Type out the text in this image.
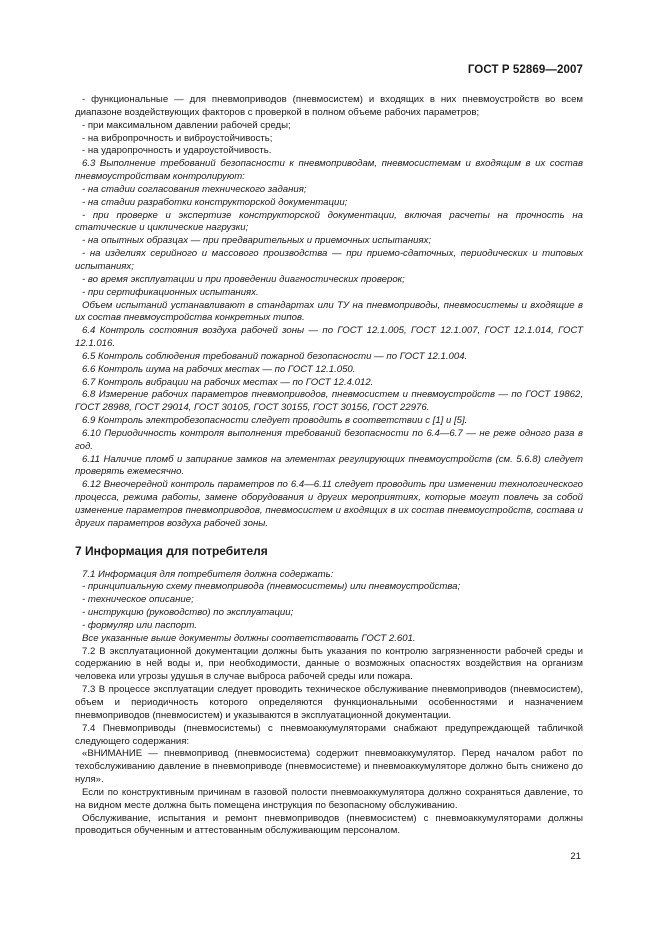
ГОСТ Р 52869—2007

- функциональные — для пневмоприводов (пневмосистем) и входящих в них пневмоустройств во всем диапазоне воздействующих факторов с проверкой в полном объеме рабочих параметров;

- при максимальном давлении рабочей среды;

- на вибропрочность и виброустойчивость;

- на ударопрочность и удароустойчивость.

6.3 Выполнение требований безопасности к пневмоприводам, пневмосистемам и входящим в их состав пневмоустройствам контролируют:

- на стадии согласования технического задания;

- на стадии разработки конструкторской документации;

- при проверке и экспертизе конструкторской документации, включая расчеты на прочность на статические и циклические нагрузки;

- на опытных образцах — при предварительных и приемочных испытаниях;

- на изделиях серийного и массового производства — при приемо-сдаточных, периодических и типовых испытаниях;

- во время эксплуатации и при проведении диагностических проверок;

- при сертификационных испытаниях.

Объем испытаний устанавливают в стандартах или ТУ на пневмоприводы, пневмосистемы и входящие в их состав пневмоустройства конкретных типов.

6.4 Контроль состояния воздуха рабочей зоны — по ГОСТ 12.1.005, ГОСТ 12.1.007, ГОСТ 12.1.014, ГОСТ 12.1.016.

6.5 Контроль соблюдения требований пожарной безопасности — по ГОСТ 12.1.004.

6.6 Контроль шума на рабочих местах — по ГОСТ 12.1.050.

6.7 Контроль вибрации на рабочих местах — по ГОСТ 12.4.012.

6.8 Измерение рабочих параметров пневмоприводов, пневмосистем и пневмоустройств — по ГОСТ 19862, ГОСТ 28988, ГОСТ 29014, ГОСТ 30105, ГОСТ 30155, ГОСТ 30156, ГОСТ 22976.

6.9 Контроль электробезопасности следует проводить в соответствии с [1] и [5].

6.10 Периодичность контроля выполнения требований безопасности по 6.4—6.7 — не реже одного раза в год.

6.11 Наличие пломб и запирание замков на элементах регулирующих пневмоустройств (см. 5.6.8) следует проверять ежемесячно.

6.12 Внеочередной контроль параметров по 6.4—6.11 следует проводить при изменении технологического процесса, режима работы, замене оборудования и других мероприятиях, которые могут повлечь за собой изменение параметров пневмоприводов, пневмосистем и входящих в их состав пневмоустройств, состава и других параметров воздуха рабочей зоны.

7 Информация для потребителя

7.1 Информация для потребителя должна содержать:

- принципиальную схему пневмопривода (пневмосистемы) или пневмоустройства;

- техническое описание;

- инструкцию (руководство) по эксплуатации;

- формуляр или паспорт.

Все указанные выше документы должны соответствовать ГОСТ 2.601.

7.2 В эксплуатационной документации должны быть указания по контролю загрязненности рабочей среды и содержанию в ней воды и, при необходимости, данные о возможных опасностях воздействия на организм человека или угрозы удушья в случае выброса рабочей среды или пожара.

7.3 В процессе эксплуатации следует проводить техническое обслуживание пневмоприводов (пневмосистем), объем и периодичность которого определяются функциональными особенностями и назначением пневмоприводов (пневмосистем) и указываются в эксплуатационной документации.

7.4 Пневмоприводы (пневмосистемы) с пневмоаккумуляторами снабжают предупреждающей табличкой следующего содержания:

«ВНИМАНИЕ — пневмопривод (пневмосистема) содержит пневмоаккумулятор. Перед началом работ по техобслуживанию давление в пневмоприводе (пневмосистеме) и пневмоаккумуляторе должно быть снижено до нуля».

Если по конструктивным причинам в газовой полости пневмоаккумулятора должно сохраняться давление, то на видном месте должна быть помещена инструкция по безопасному обслуживанию.

Обслуживание, испытания и ремонт пневмоприводов (пневмосистем) с пневмоаккумуляторами должны проводиться обученным и аттестованным обслуживающим персоналом.

21
